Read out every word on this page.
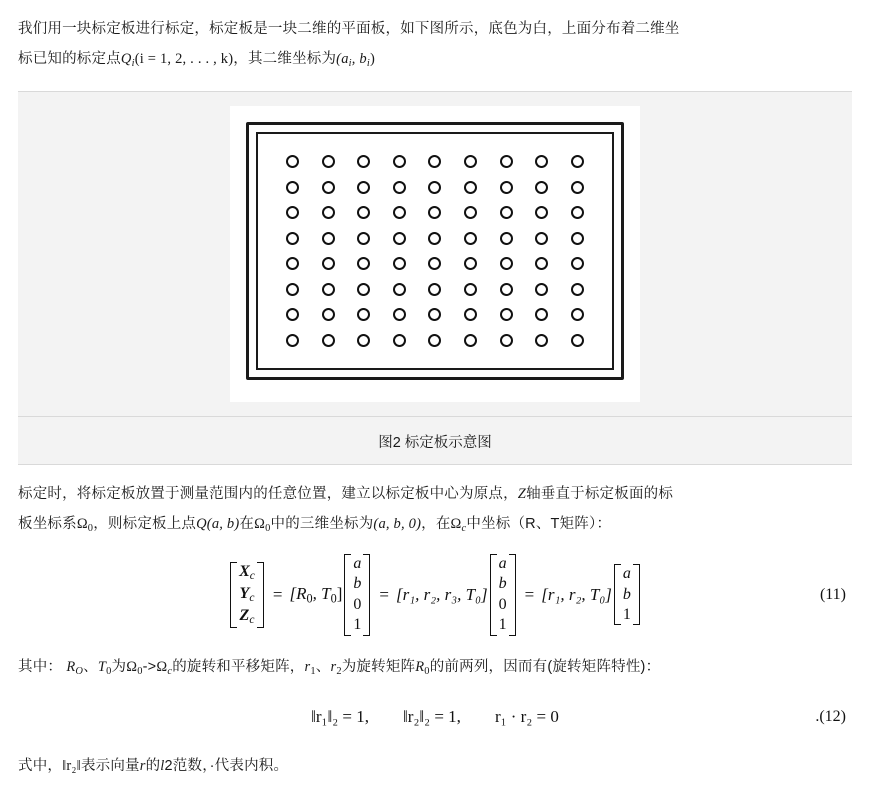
我们用一块标定板进行标定，标定板是一块二维的平面板，如下图所示，底色为白，上面分布着二维坐
标已知的标定点$Q_i(i = 1$, 2, . . . , k)，其二维坐标为($a_i$, $b_i$)
图2 标定板示意图
标定时，将标定板放置于测量范围内的任意位置，建立以标定板中心为原点，Z轴垂直于标定板面的标
板坐标系$\Omega_0$，则标定板上点Q(a, b)在$\Omega_0$中的三维坐标为(a, b, 0)，在$\Omega_c$中坐标（R、T矩阵）：
$X_c$
$Y_c$
$Z_c$
= [$R_0$, $T_0$]
a
b
0
1
= [r₁, r₂, r₃, T₀]
a
b
0
1
= [r₁, r₂, T₀]
a
b
1
(11)
其中： $R_O$、$T_0$为$\Omega_0->\Omega_c$的旋转和平移矩阵，$r_1$、$r_2$为旋转矩阵$R_0$的前两列，因而有(旋转矩阵特性)：
‖r₁‖₂ = 1, ‖r₂‖₂ = 1, r₁ · r₂ = 0	.(12)
式中，‖r₂‖表示向量r的l2范数，·代表内积。
